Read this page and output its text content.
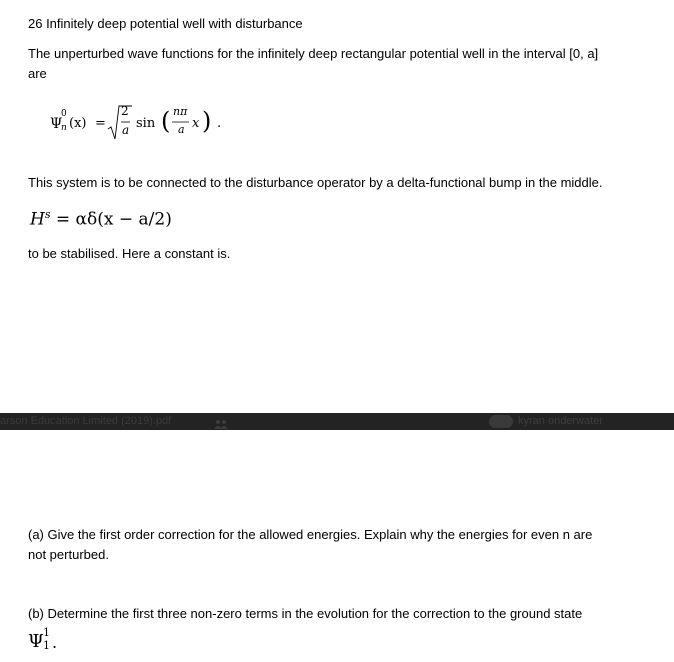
26 Infinitely deep potential well with disturbance
The unperturbed wave functions for the infinitely deep rectangular potential well in the interval [0, a]
are
Ψ
0
n (x) =
2
a sin ( nπ
a x ) .
This system is to be connected to the disturbance operator by a delta-functional bump in the middle.
$H^s = \alpha\delta(x - a/2)$
to be stabilised. Here a constant is.
arson Education Limited (2019).pdf	kyran onderwater
(a) Give the first order correction for the allowed energies. Explain why the energies for even n are
not perturbed.
(b) Determine the first three non-zero terms in the evolution for the correction to the ground state
Ψ 1
1 .
